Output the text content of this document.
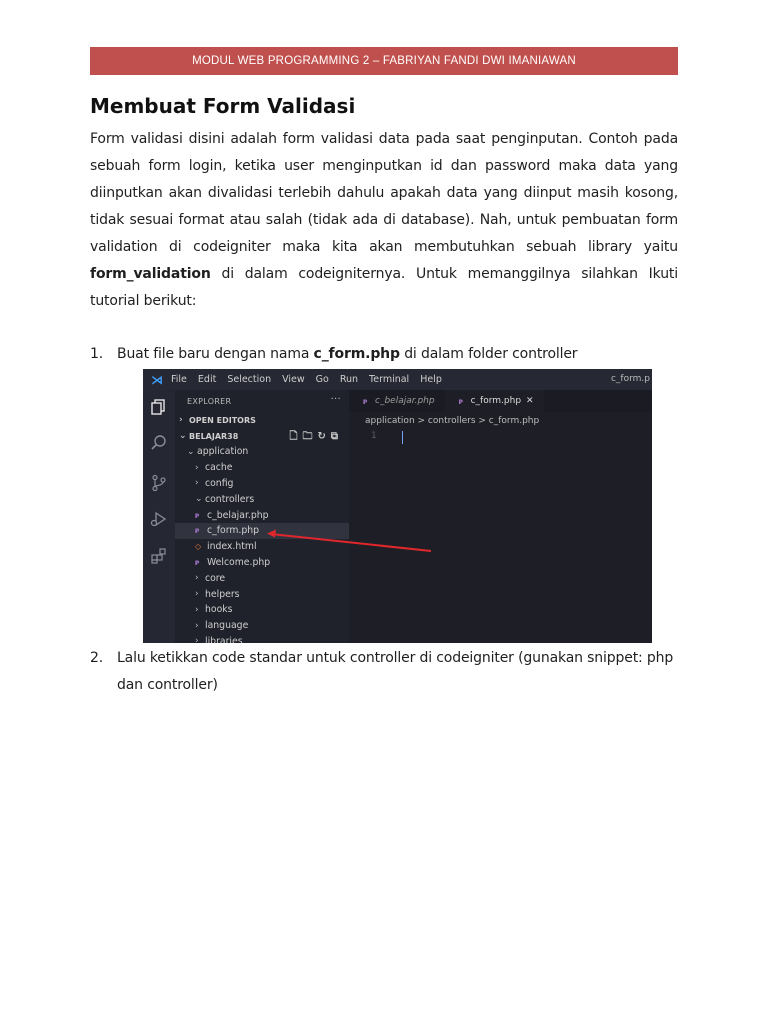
MODUL WEB PROGRAMMING 2 – FABRIYAN FANDI DWI IMANIAWAN
Membuat Form Validasi

Form validasi disini adalah form validasi data pada saat penginputan. Contoh pada sebuah form login, ketika user menginputkan id dan password maka data yang diinputkan akan divalidasi terlebih dahulu apakah data yang diinput masih kosong, tidak sesuai format atau salah (tidak ada di database). Nah, untuk pembuatan form validation di codeigniter maka kita akan membutuhkan sebuah library yaitu form_validation di dalam codeigniternya. Untuk memanggilnya silahkan Ikuti tutorial berikut:

1. Buat file baru dengan nama c_form.php di dalam folder controller
⋊ File Edit Selection View Go Run Terminal Help	c_form.p
EXPLORER	···
› OPEN EDITORS
⌄ BELAJAR38	🗋🗀↻⧉
⌄ application
› cache
› config
⌄ controllers
ᴘ c_belajar.php
ᴘ c_form.php
◇ index.html
ᴘ Welcome.php
› core
› helpers
› hooks
› language
› libraries
ᴘ c_belajar.php	ᴘ c_form.php ✕
application > controllers > c_form.php
1
2. Lalu ketikkan code standar untuk controller di codeigniter (gunakan snippet: php dan controller)
